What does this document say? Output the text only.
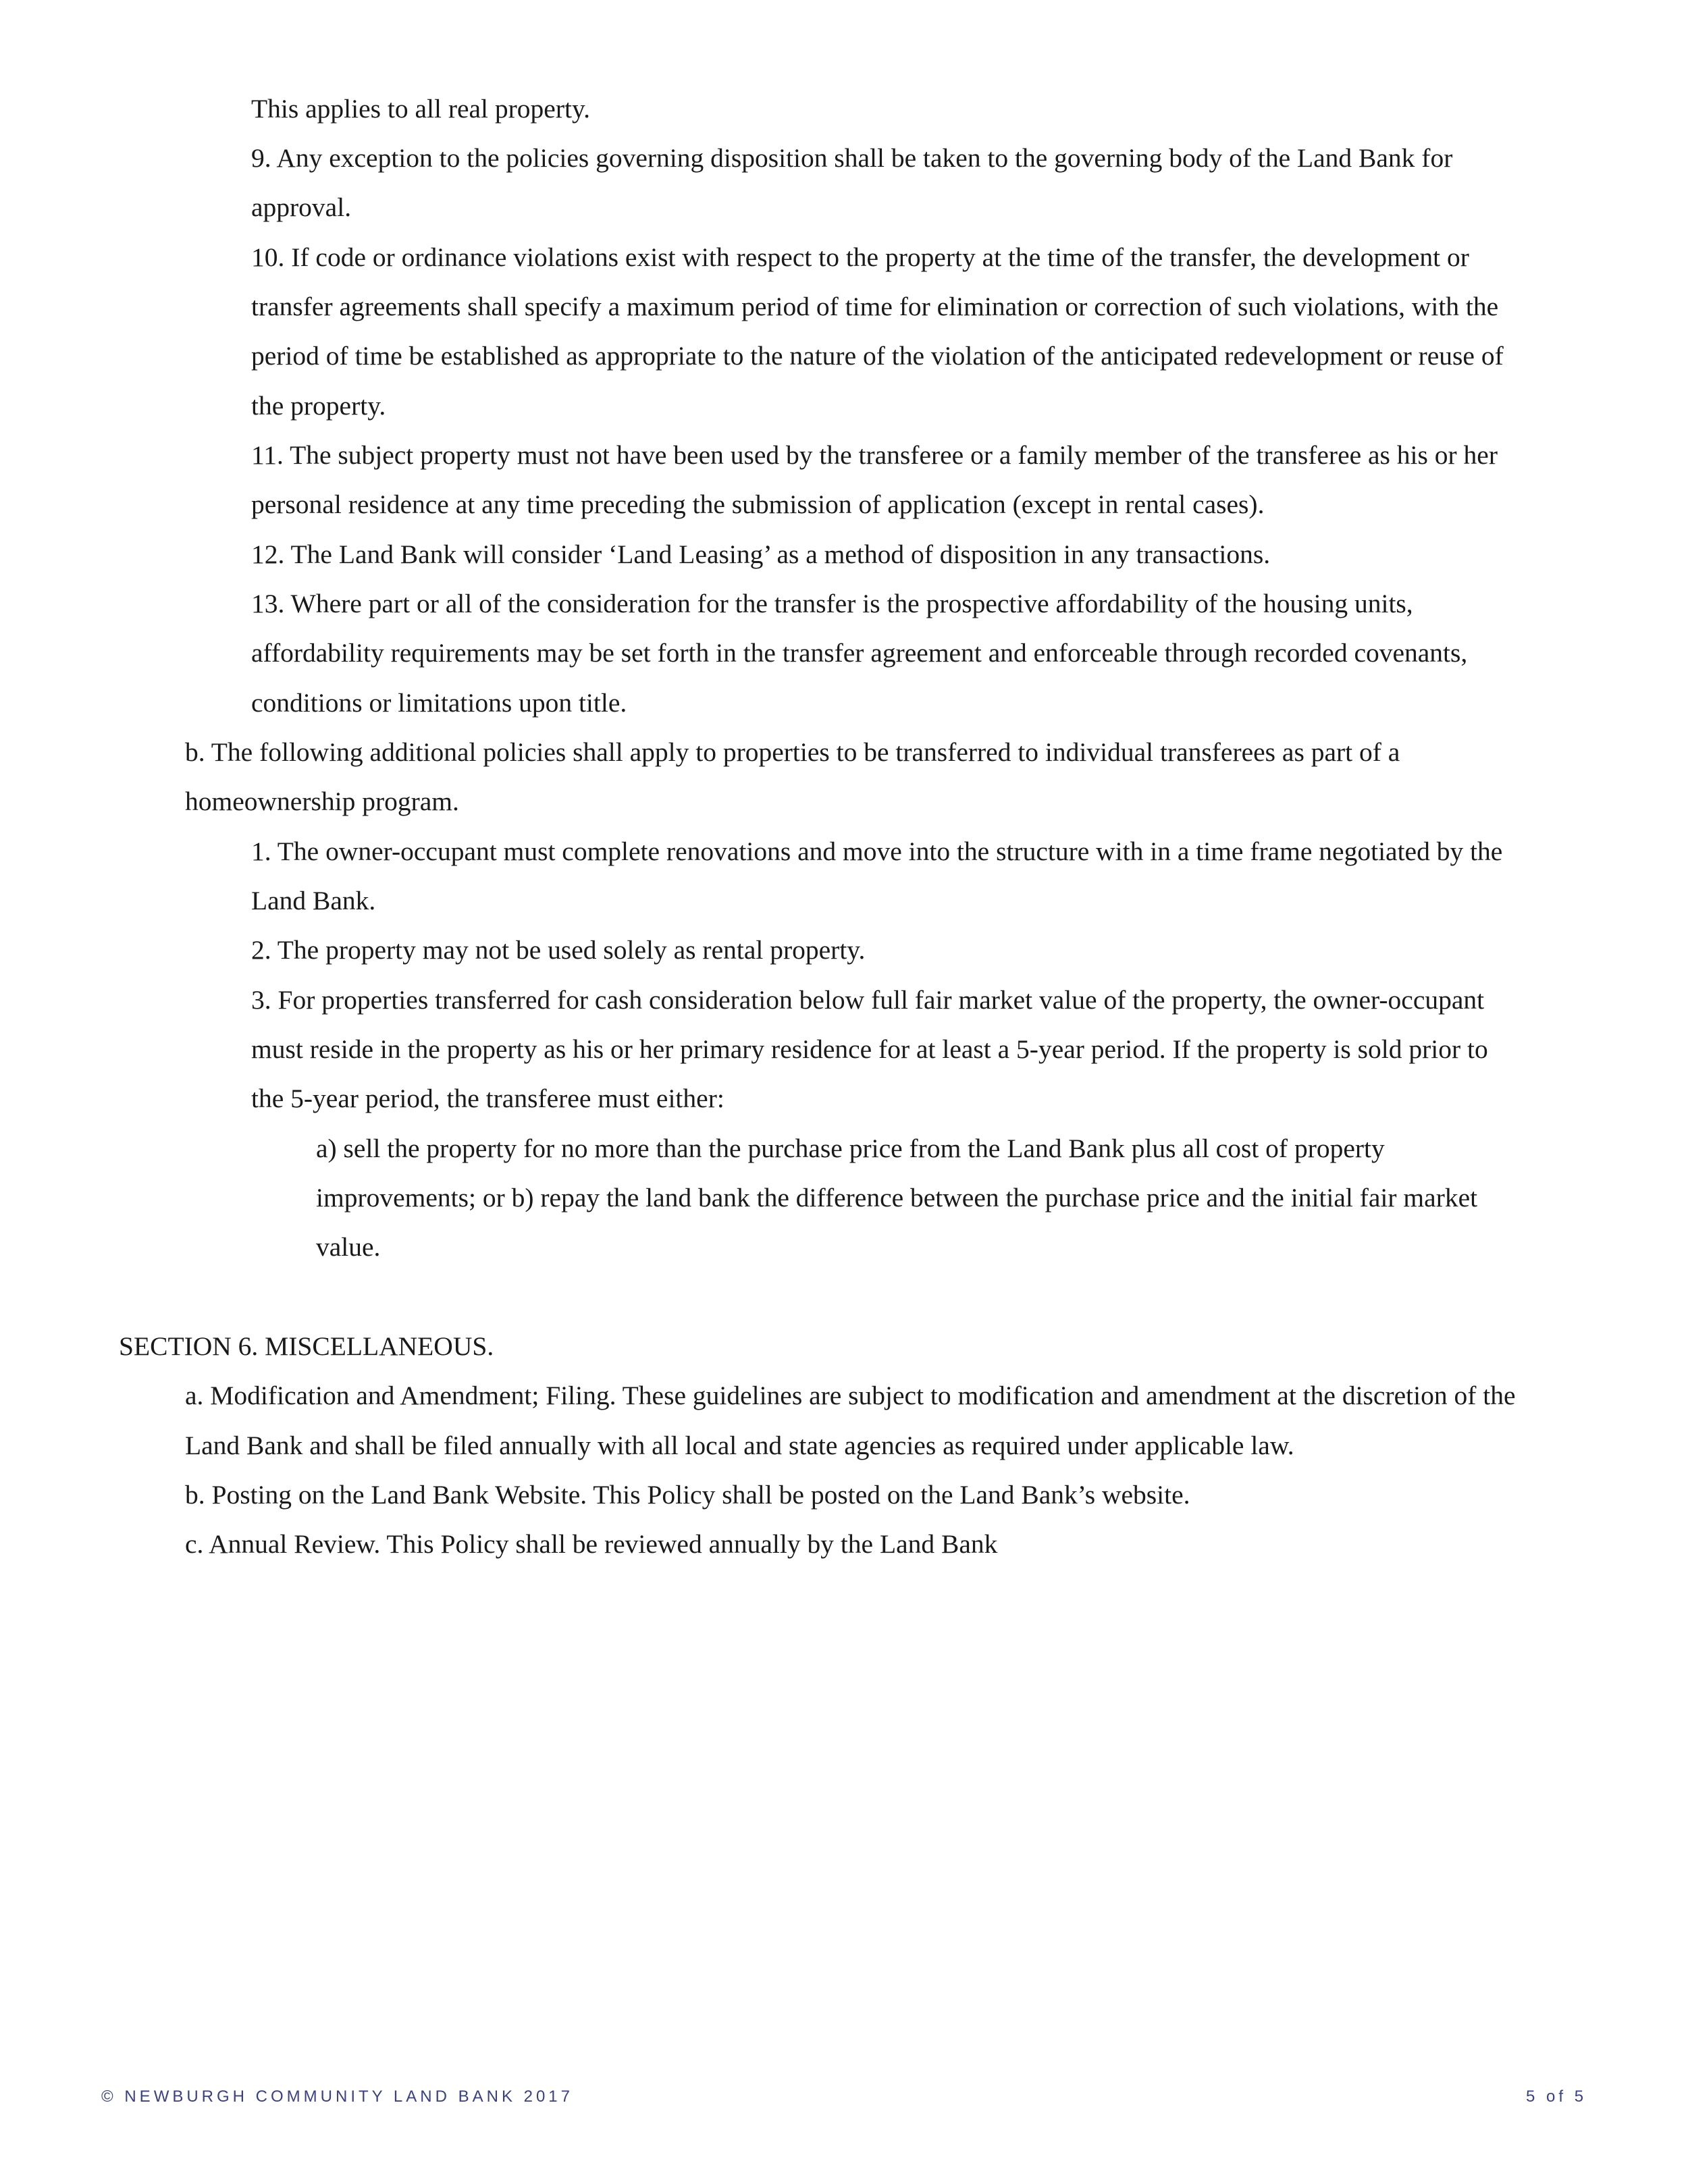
This applies to all real property.
9. Any exception to the policies governing disposition shall be taken to the governing body of the Land Bank for
approval.
10. If code or ordinance violations exist with respect to the property at the time of the transfer, the development or
transfer agreements shall specify a maximum period of time for elimination or correction of such violations, with the
period of time be established as appropriate to the nature of the violation of the anticipated redevelopment or reuse of
the property.
11. The subject property must not have been used by the transferee or a family member of the transferee as his or her
personal residence at any time preceding the submission of application (except in rental cases).
12. The Land Bank will consider ‘Land Leasing’ as a method of disposition in any transactions.
13. Where part or all of the consideration for the transfer is the prospective affordability of the housing units,
affordability requirements may be set forth in the transfer agreement and enforceable through recorded covenants,
conditions or limitations upon title.
b. The following additional policies shall apply to properties to be transferred to individual transferees as part of a
homeownership program.
1. The owner-occupant must complete renovations and move into the structure with in a time frame negotiated by the
Land Bank.
2. The property may not be used solely as rental property.
3. For properties transferred for cash consideration below full fair market value of the property, the owner-occupant
must reside in the property as his or her primary residence for at least a 5-year period. If the property is sold prior to
the 5-year period, the transferee must either:
a) sell the property for no more than the purchase price from the Land Bank plus all cost of property
improvements; or b) repay the land bank the difference between the purchase price and the initial fair market
value.
SECTION 6. MISCELLANEOUS.
a. Modification and Amendment; Filing. These guidelines are subject to modification and amendment at the discretion of the
Land Bank and shall be filed annually with all local and state agencies as required under applicable law.
b. Posting on the Land Bank Website. This Policy shall be posted on the Land Bank’s website.
c. Annual Review. This Policy shall be reviewed annually by the Land Bank
© NEWBURGH COMMUNITY LAND BANK 2017	5 of 5
